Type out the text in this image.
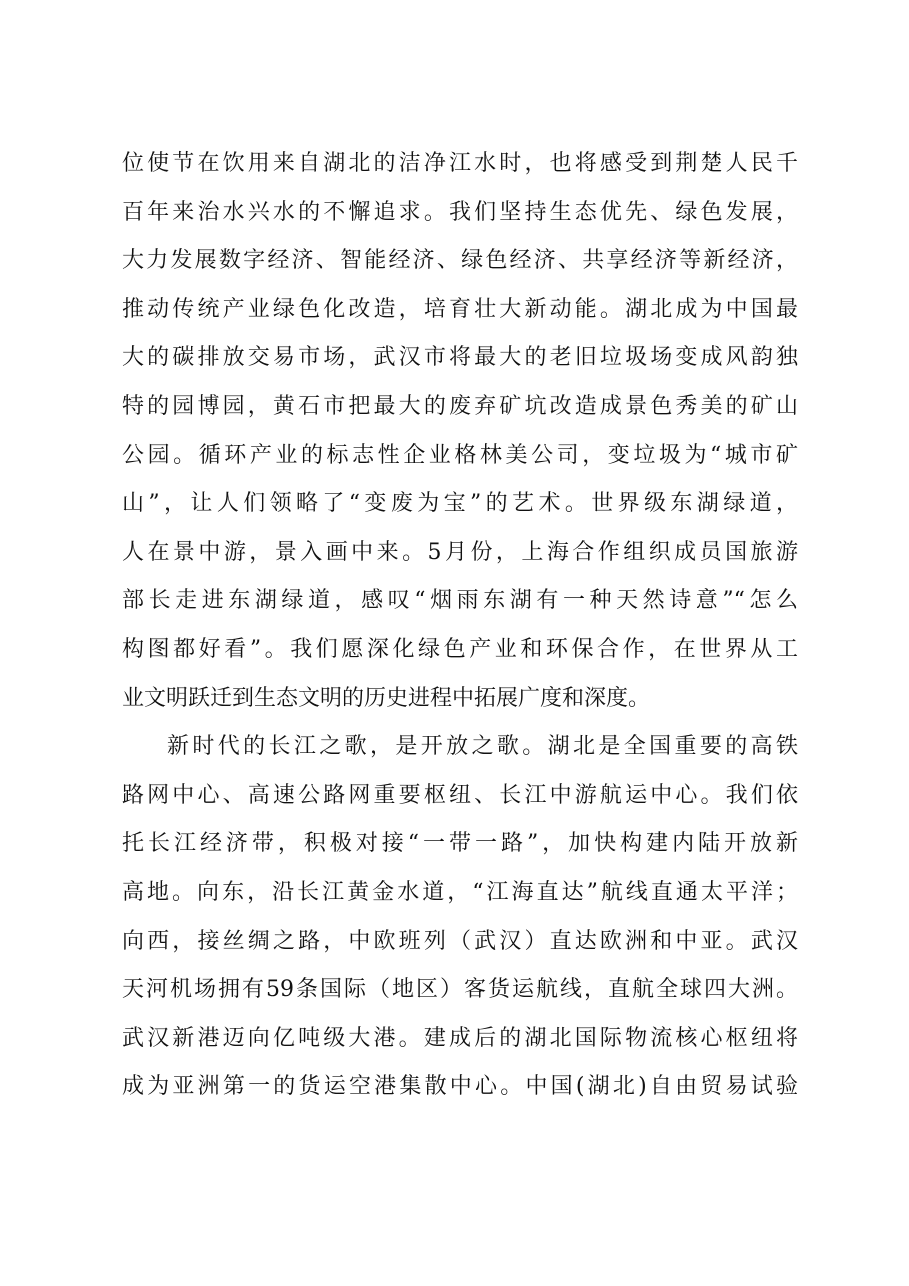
位使节在饮用来自湖北的洁净江水时，也将感受到荆楚人民千
百年来治水兴水的不懈追求。我们坚持生态优先、绿色发展，
大力发展数字经济、智能经济、绿色经济、共享经济等新经济，
推动传统产业绿色化改造，培育壮大新动能。湖北成为中国最
大的碳排放交易市场，武汉市将最大的老旧垃圾场变成风韵独
特的园博园，黄石市把最大的废弃矿坑改造成景色秀美的矿山
公园。循环产业的标志性企业格林美公司，变垃圾为“城市矿
山”，让人们领略了“变废为宝”的艺术。世界级东湖绿道，
人在景中游，景入画中来。5月份，上海合作组织成员国旅游
部长走进东湖绿道，感叹“烟雨东湖有一种天然诗意”“怎么
构图都好看”。我们愿深化绿色产业和环保合作，在世界从工
业文明跃迁到生态文明的历史进程中拓展广度和深度。
新时代的长江之歌，是开放之歌。湖北是全国重要的高铁
路网中心、高速公路网重要枢纽、长江中游航运中心。我们依
托长江经济带，积极对接“一带一路”，加快构建内陆开放新
高地。向东，沿长江黄金水道，“江海直达”航线直通太平洋；
向西，接丝绸之路，中欧班列（武汉）直达欧洲和中亚。武汉
天河机场拥有59条国际（地区）客货运航线，直航全球四大洲。
武汉新港迈向亿吨级大港。建成后的湖北国际物流核心枢纽将
成为亚洲第一的货运空港集散中心。中国(湖北)自由贸易试验
